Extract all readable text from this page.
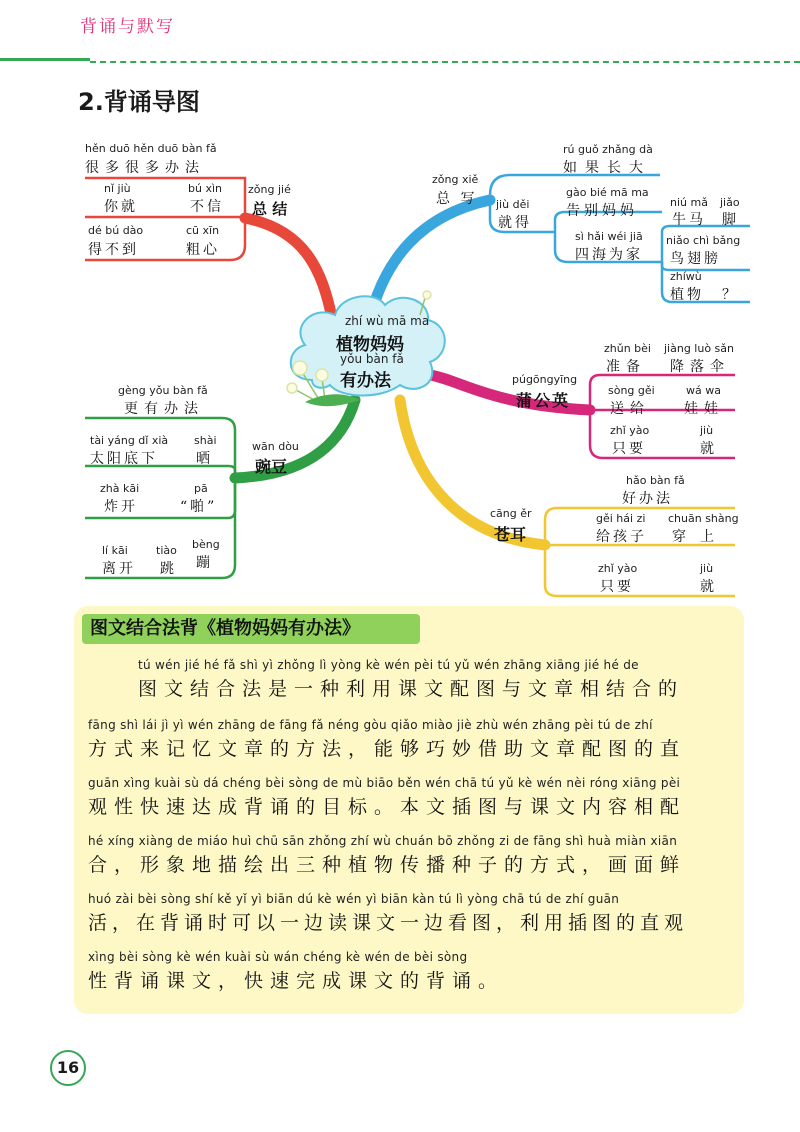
背诵与默写
2.背诵导图
zhí wù mā ma
植物妈妈
yǒu bàn fǎ
有办法
zǒng jié
总 结
hěn duō hěn duō bàn fǎ
很多很多办法
nǐ jiù
你就
bú xìn
不信
dé bú dào
得不到
cū xīn
粗心
zǒng xiě
总 写 jiù děi
就得
rú guǒ zhǎng dà
如果长大
gào bié mā ma
告别妈妈
niú mǎ
牛马
jiǎo
脚
sì hǎi wéi jiā
四海为家
niǎo chì bǎng
鸟翅膀
zhíwù
植物 ？
púgōngyīng
蒲公英
zhǔn bèi
准备
jiàng luò sǎn
降落伞
sòng gěi
送给
wá wa
娃娃
zhǐ yào
只要
jiù
就
cāng ěr
苍耳
hǎo bàn fǎ
好办法
gěi hái zi
给孩子
chuān shàng
穿上
zhǐ yào
只要
jiù
就
wān dòu
豌豆
gèng yǒu bàn fǎ
更有办法
tài yáng dǐ xià
太阳底下
shài
晒
zhà kāi
炸开
pā
“啪”
lí kāi
离开
tiào
跳
bèng
蹦
图文结合法背《植物妈妈有办法》
tú wén jié hé fǎ shì yì zhǒng lì yòng kè wén pèi tú yǔ wén zhāng xiāng jié hé de
图文结合法是一种利用课文配图与文章相结合的
fāng shì lái jì yì wén zhāng de fāng fǎ néng gòu qiǎo miào jiè zhù wén zhāng pèi tú de zhí
方式来记忆文章的方法，能够巧妙借助文章配图的直
guān xìng kuài sù dá chéng bèi sòng de mù biāo běn wén chā tú yǔ kè wén nèi róng xiāng pèi
观性快速达成背诵的目标。本文插图与课文内容相配
hé xíng xiàng de miáo huì chū sān zhǒng zhí wù chuán bō zhǒng zi de fāng shì huà miàn xiān
合，形象地描绘出三种植物传播种子的方式，画面鲜
huó zài bèi sòng shí kě yǐ yì biān dú kè wén yì biān kàn tú lì yòng chā tú de zhí guān
活，在背诵时可以一边读课文一边看图，利用插图的直观
xìng bèi sòng kè wén kuài sù wán chéng kè wén de bèi sòng
性背诵课文，快速完成课文的背诵。
16
